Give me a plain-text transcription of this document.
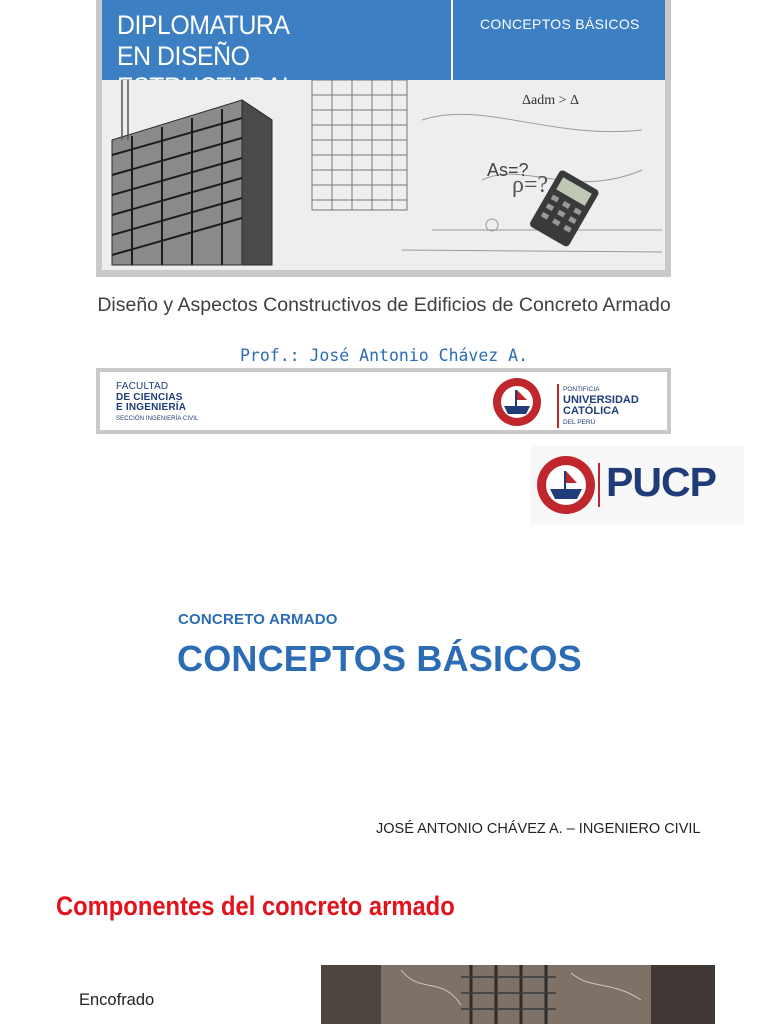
DIPLOMATURA
EN DISEÑO
CONCEPTOS BÁSICOS
Δadm > Δ
As=?
ρ=?
Diseño y Aspectos Constructivos de Edificios de Concreto Armado
Prof.: José Antonio Chávez A.
FACULTAD
DE CIENCIAS
E INGENIERÍA
SECCIÓN INGENIERÍA CIVIL
PONTIFICIA
UNIVERSIDAD
CATÓLICA
DEL PERÚ
PUCP
CONCRETO ARMADO
CONCEPTOS BÁSICOS
JOSÉ ANTONIO CHÁVEZ A. – INGENIERO CIVIL
Componentes del concreto armado
Encofrado
